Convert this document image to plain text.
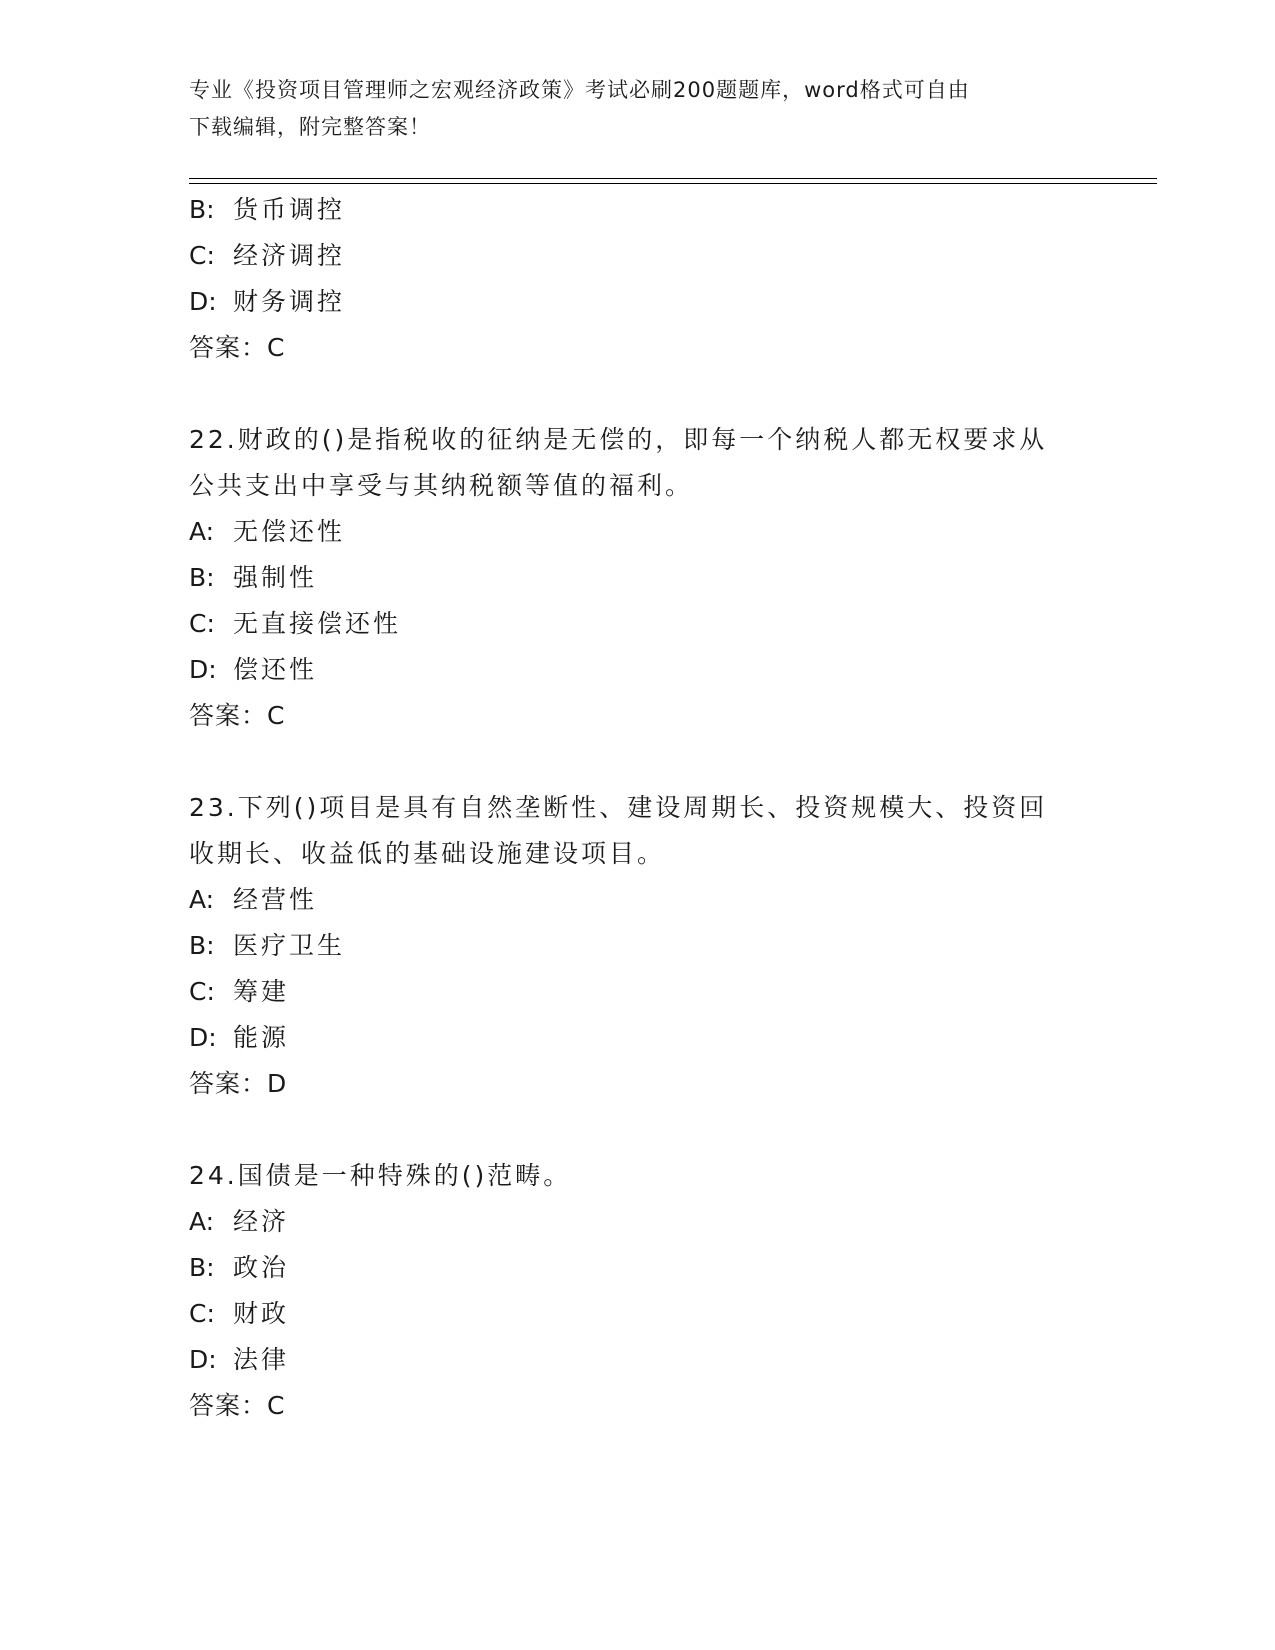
专业《投资项目管理师之宏观经济政策》考试必刷200题题库，word格式可自由
下载编辑，附完整答案！
B: 货币调控
C: 经济调控
D: 财务调控
答案：C
22.财政的()是指税收的征纳是无偿的，即每一个纳税人都无权要求从
公共支出中享受与其纳税额等值的福利。
A: 无偿还性
B: 强制性
C: 无直接偿还性
D: 偿还性
答案：C
23.下列()项目是具有自然垄断性、建设周期长、投资规模大、投资回
收期长、收益低的基础设施建设项目。
A: 经营性
B: 医疗卫生
C: 筹建
D: 能源
答案：D
24.国债是一种特殊的()范畴。
A: 经济
B: 政治
C: 财政
D: 法律
答案：C
